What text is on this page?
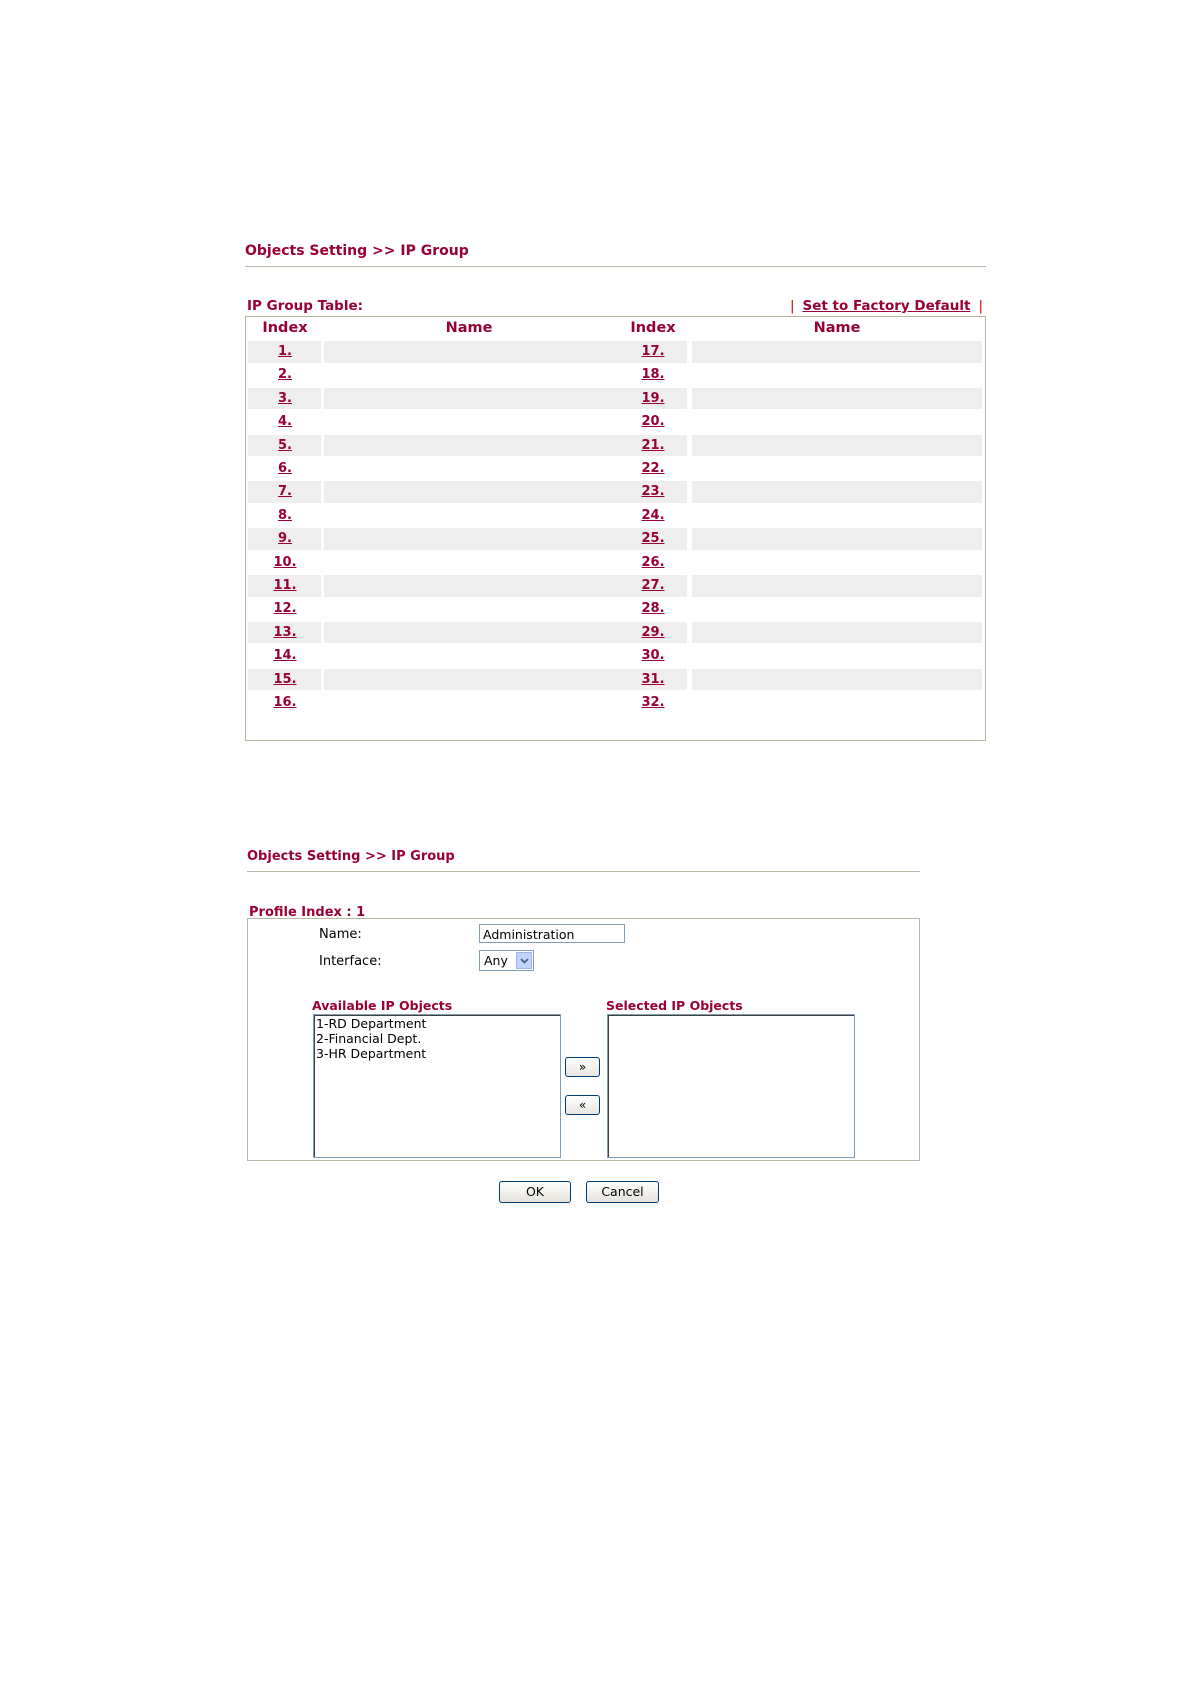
Objects Setting >> IP Group
IP Group Table:	| Set to Factory Default |
Index	Name	Index	Name
1.	17.
2.	18.
3.	19.
4.	20.
5.	21.
6.	22.
7.	23.
8.	24.
9.	25.
10.	26.
11.	27.
12.	28.
13.	29.
14.	30.
15.	31.
16.	32.
Objects Setting >> IP Group
Profile Index : 1
Name:	Administration
Interface:	Any
Available IP Objects	Selected IP Objects
1-RD Department
2-Financial Dept.
3-HR Department
»
«
OK	Cancel
